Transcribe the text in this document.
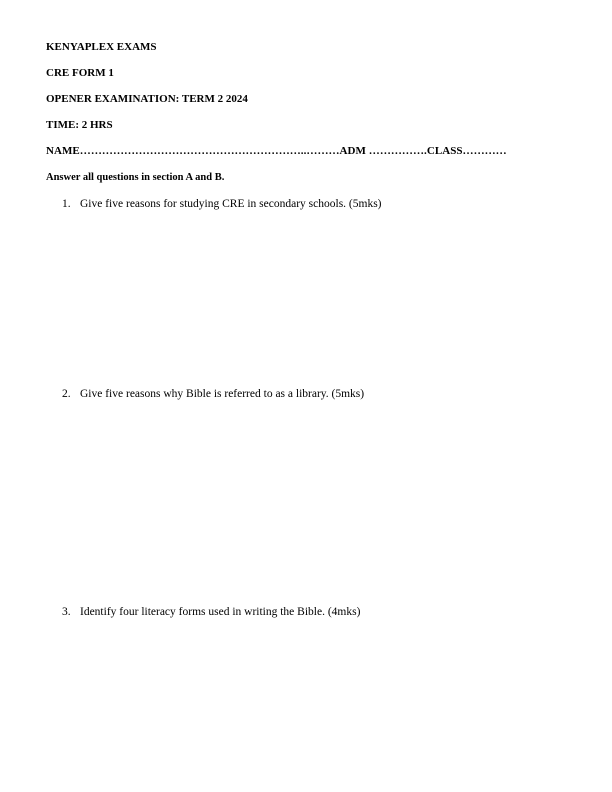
KENYAPLEX EXAMS
CRE FORM 1
OPENER EXAMINATION: TERM 2 2024
TIME: 2 HRS
NAME……………………………………………………..………ADM …………….CLASS…………
Answer all questions in section A and B.
1. Give five reasons for studying CRE in secondary schools. (5mks)
2. Give five reasons why Bible is referred to as a library. (5mks)
3. Identify four literacy forms used in writing the Bible. (4mks)
